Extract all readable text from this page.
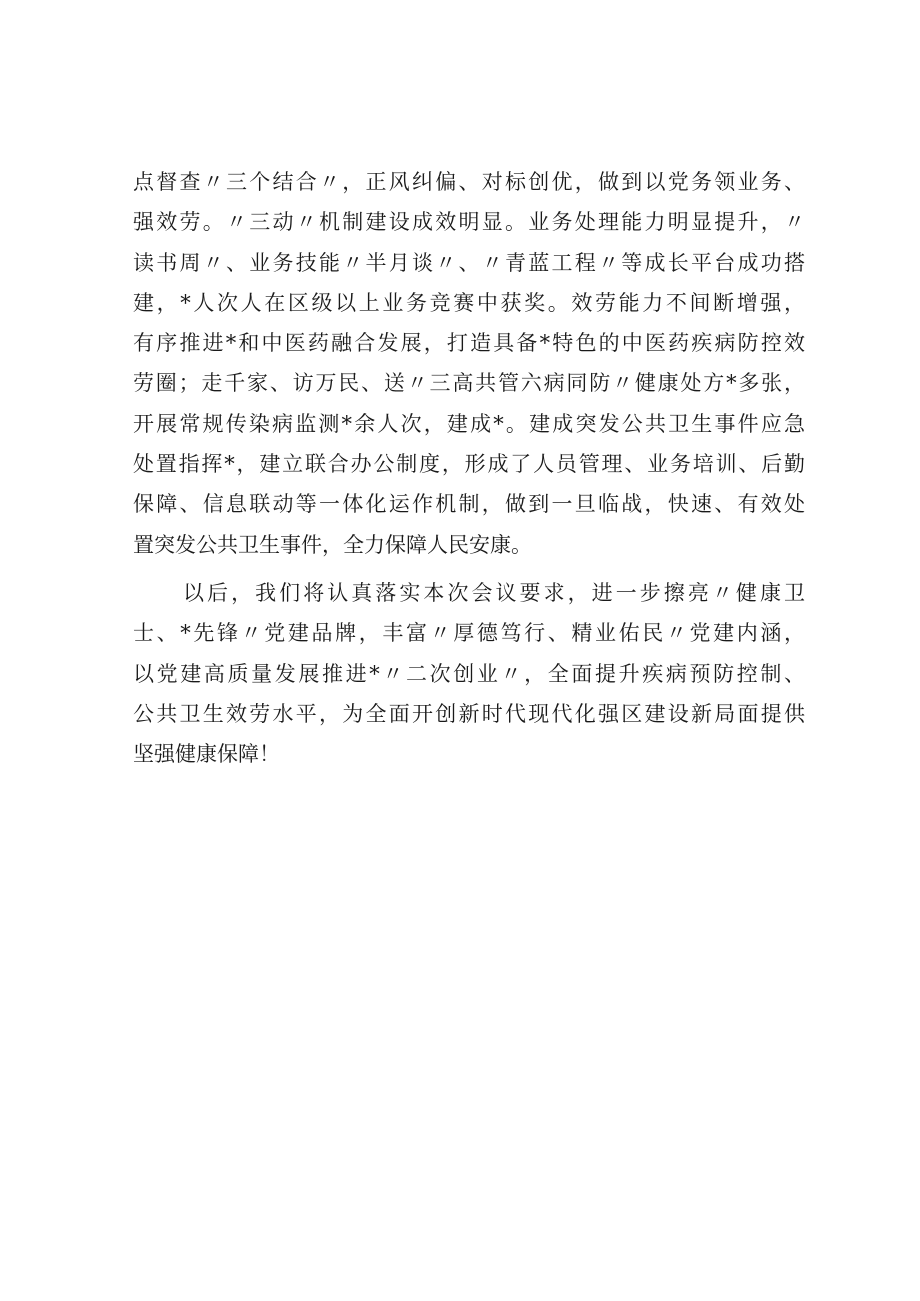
点督查〃三个结合〃，正风纠偏、对标创优，做到以党务领业务、
强效劳。〃三动〃机制建设成效明显。业务处理能力明显提升，〃
读书周〃、业务技能〃半月谈〃、〃青蓝工程〃等成长平台成功搭
建，*人次人在区级以上业务竞赛中获奖。效劳能力不间断增强，
有序推进*和中医药融合发展，打造具备*特色的中医药疾病防控效
劳圈；走千家、访万民、送〃三高共管六病同防〃健康处方*多张，
开展常规传染病监测*余人次，建成*。建成突发公共卫生事件应急
处置指挥*，建立联合办公制度，形成了人员管理、业务培训、后勤
保障、信息联动等一体化运作机制，做到一旦临战，快速、有效处
置突发公共卫生事件，全力保障人民安康。
以后，我们将认真落实本次会议要求，进一步擦亮〃健康卫
士、*先锋〃党建品牌，丰富〃厚德笃行、精业佑民〃党建内涵，
以党建高质量发展推进*〃二次创业〃，全面提升疾病预防控制、
公共卫生效劳水平，为全面开创新时代现代化强区建设新局面提供
坚强健康保障！
